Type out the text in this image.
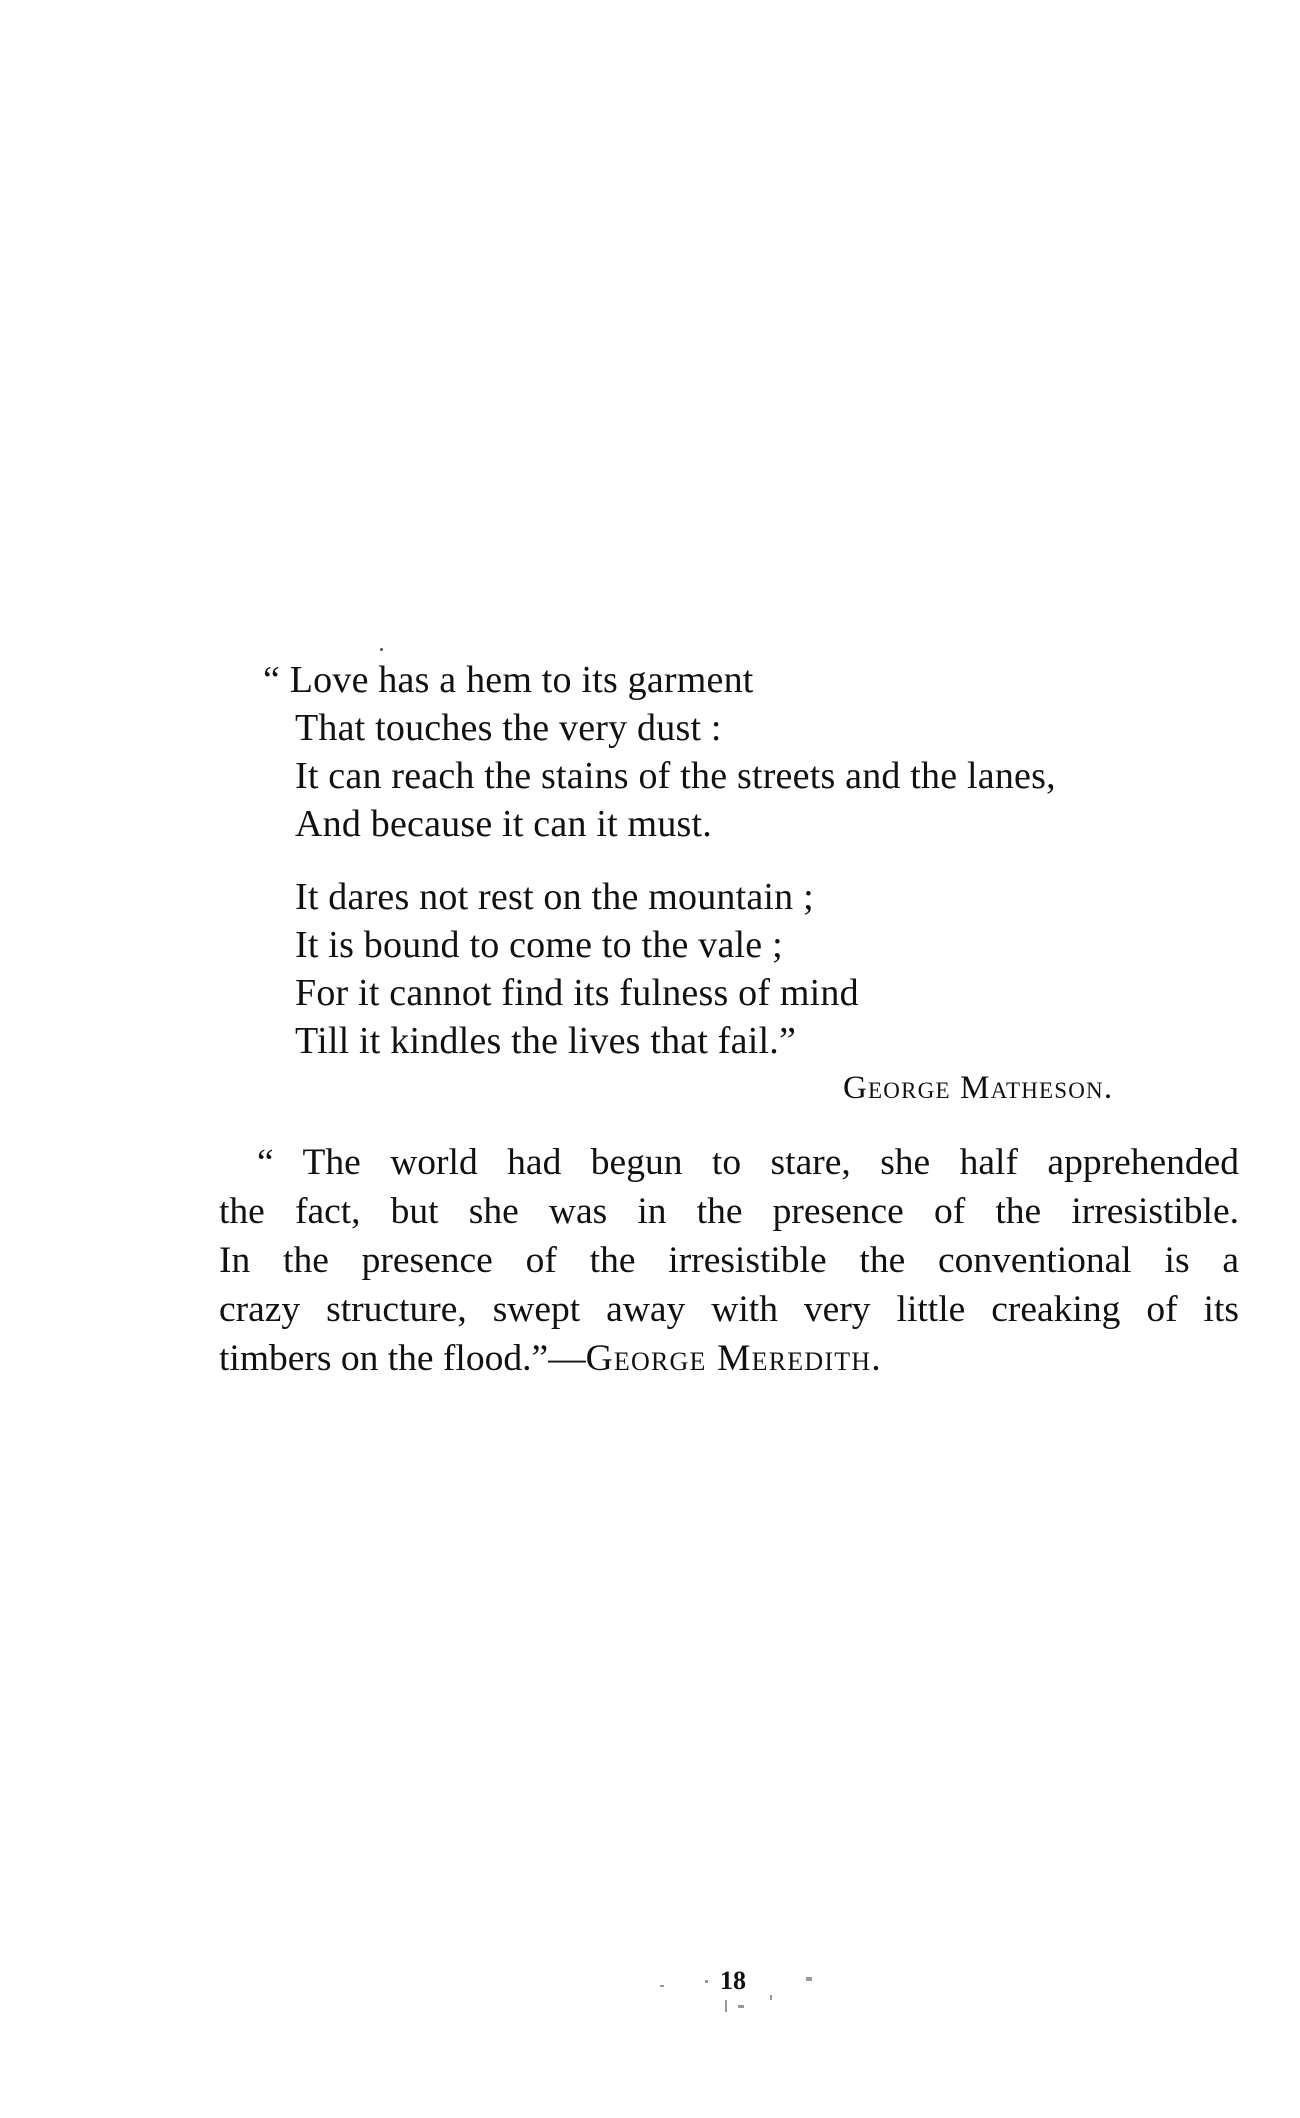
“ Love has a hem to its garment
That touches the very dust :
It can reach the stains of the streets and the lanes,
And because it can it must.
It dares not rest on the mountain ;
It is bound to come to the vale ;
For it cannot find its fulness of mind
Till it kindles the lives that fail.”
George Matheson.
“ The world had begun to stare, she half apprehended
the fact, but she was in the presence of the irresistible.
In the presence of the irresistible the conventional is a
crazy structure, swept away with very little creaking of its
timbers on the flood.”—George Meredith.
18
